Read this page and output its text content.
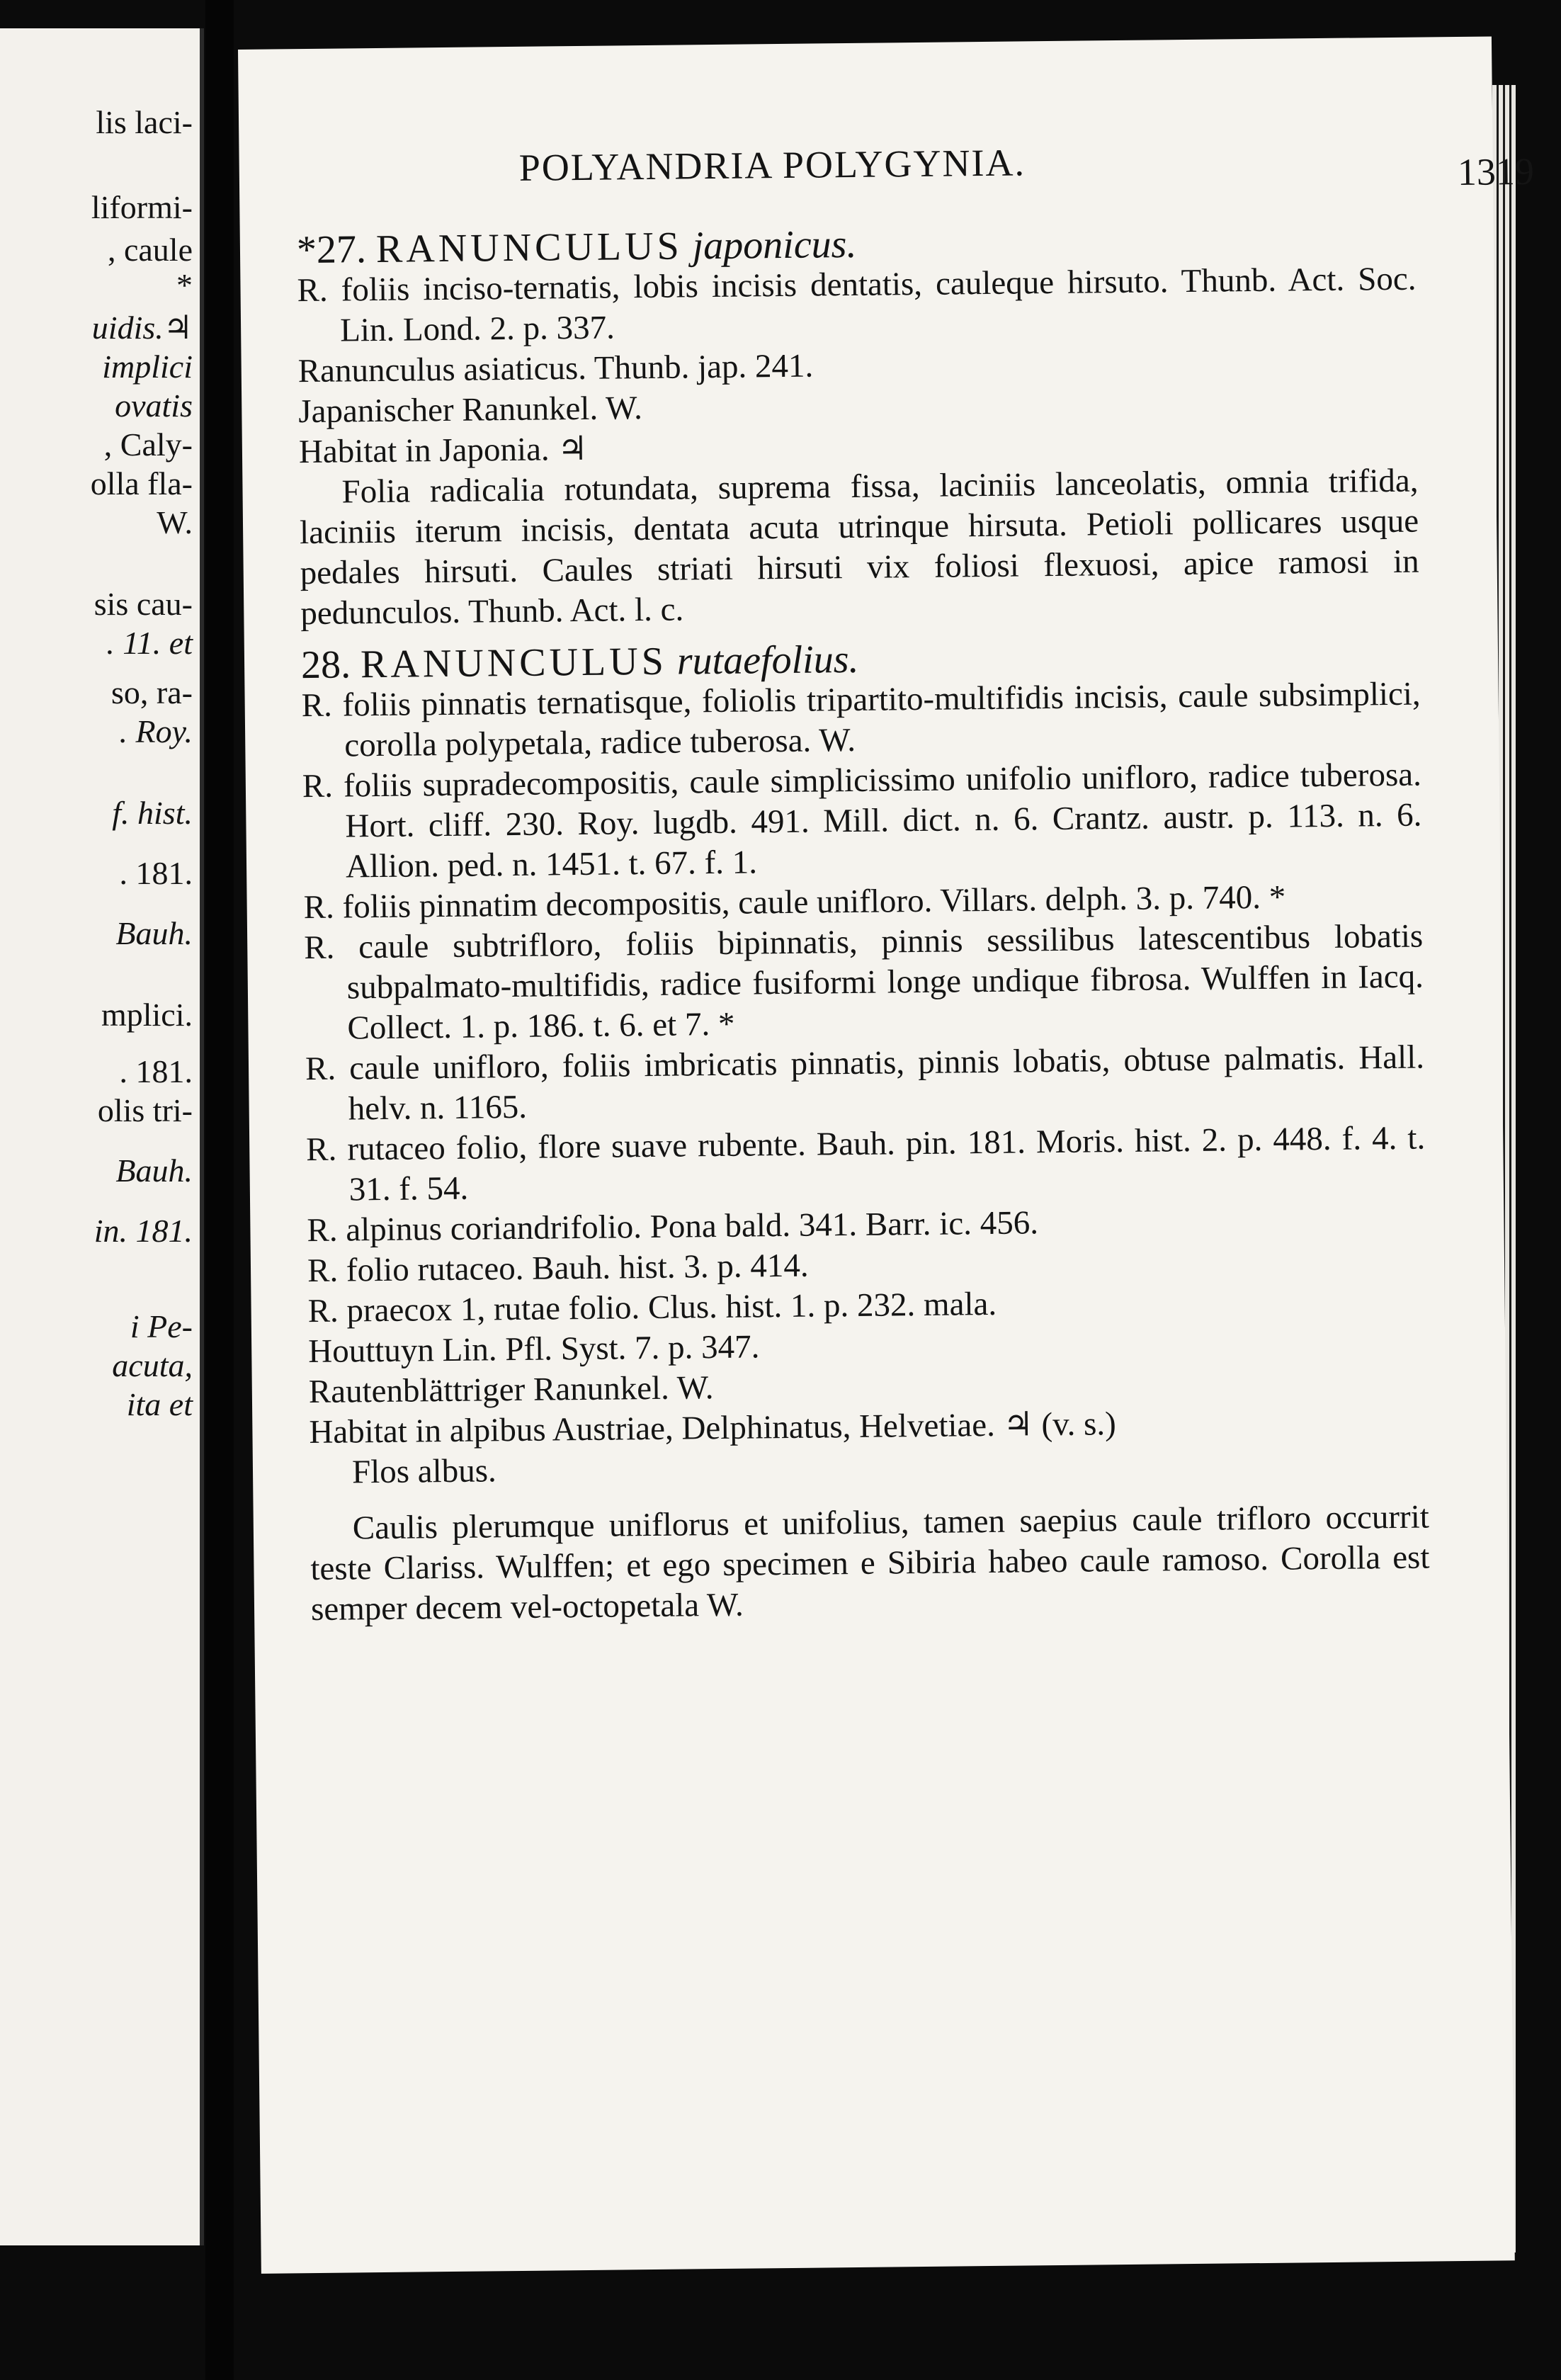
lis laci-
liformi-
, caule
*
uidis.♃
implici
ovatis
, Caly-
olla fla-
W.
sis cau-
. 11. et
so, ra-
. Roy.
f. hist.
. 181.
Bauh.
mplici.
. 181.
olis tri-
Bauh.
in. 181.
i Pe-
acuta,
ita et
POLYANDRIA POLYGYNIA.	1319
*27. RANUNCULUS japonicus.
R. foliis inciso-ternatis, lobis incisis dentatis, cauleque hirsuto. Thunb. Act. Soc. Lin. Lond. 2. p. 337.
Ranunculus asiaticus. Thunb. jap. 241.
Japanischer Ranunkel. W.
Habitat in Japonia. ♃
Folia radicalia rotundata, suprema fissa, laciniis lanceolatis, omnia trifida, laciniis iterum incisis, dentata acuta utrinque hirsuta. Petioli pollicares usque pedales hirsuti. Caules striati hirsuti vix foliosi flexuosi, apice ramosi in pedunculos. Thunb. Act. l. c.
28. RANUNCULUS rutaefolius.
R. foliis pinnatis ternatisque, foliolis tripartito-multifidis incisis, caule subsimplici, corolla polypetala, radice tuberosa. W.
R. foliis supradecompositis, caule simplicissimo unifolio unifloro, radice tuberosa. Hort. cliff. 230. Roy. lugdb. 491. Mill. dict. n. 6. Crantz. austr. p. 113. n. 6. Allion. ped. n. 1451. t. 67. f. 1.
R. foliis pinnatim decompositis, caule unifloro. Villars. delph. 3. p. 740. *
R. caule subtrifloro, foliis bipinnatis, pinnis sessilibus latescentibus lobatis subpalmato-multifidis, radice fusiformi longe undique fibrosa. Wulffen in Iacq. Collect. 1. p. 186. t. 6. et 7. *
R. caule unifloro, foliis imbricatis pinnatis, pinnis lobatis, obtuse palmatis. Hall. helv. n. 1165.
R. rutaceo folio, flore suave rubente. Bauh. pin. 181. Moris. hist. 2. p. 448. f. 4. t. 31. f. 54.
R. alpinus coriandrifolio. Pona bald. 341. Barr. ic. 456.
R. folio rutaceo. Bauh. hist. 3. p. 414.
R. praecox 1, rutae folio. Clus. hist. 1. p. 232. mala.
Houttuyn Lin. Pfl. Syst. 7. p. 347.
Rautenblättriger Ranunkel. W.
Habitat in alpibus Austriae, Delphinatus, Helvetiae. ♃ (v. s.)
Flos albus.
Caulis plerumque uniflorus et unifolius, tamen saepius caule trifloro occurrit teste Clariss. Wulffen; et ego specimen e Sibiria habeo caule ramoso. Corolla est semper decem vel-octopetala W.
